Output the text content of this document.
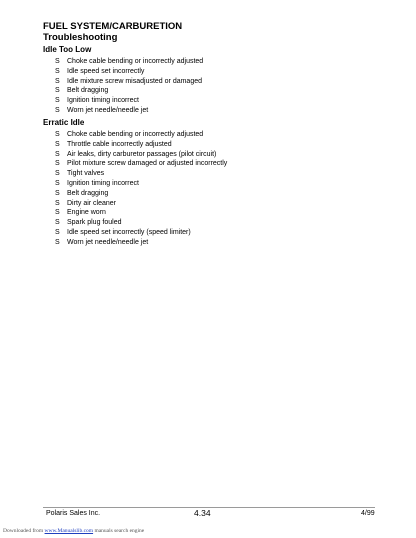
FUEL SYSTEM/CARBURETION
Troubleshooting
Idle Too Low
S Choke cable bending or incorrectly adjusted
S Idle speed set incorrectly
S Idle mixture screw misadjusted or damaged
S Belt dragging
S Ignition timing incorrect
S Worn jet needle/needle jet
Erratic Idle
S Choke cable bending or incorrectly adjusted
S Throttle cable incorrectly adjusted
S Air leaks, dirty carburetor passages (pilot circuit)
S Pilot mixture screw damaged or adjusted incorrectly
S Tight valves
S Ignition timing incorrect
S Belt dragging
S Dirty air cleaner
S Engine worn
S Spark plug fouled
S Idle speed set incorrectly (speed limiter)
S Worn jet needle/needle jet
Polaris Sales Inc.	4.34	4/99
Downloaded from www.Manualslib.com manuals search engine
